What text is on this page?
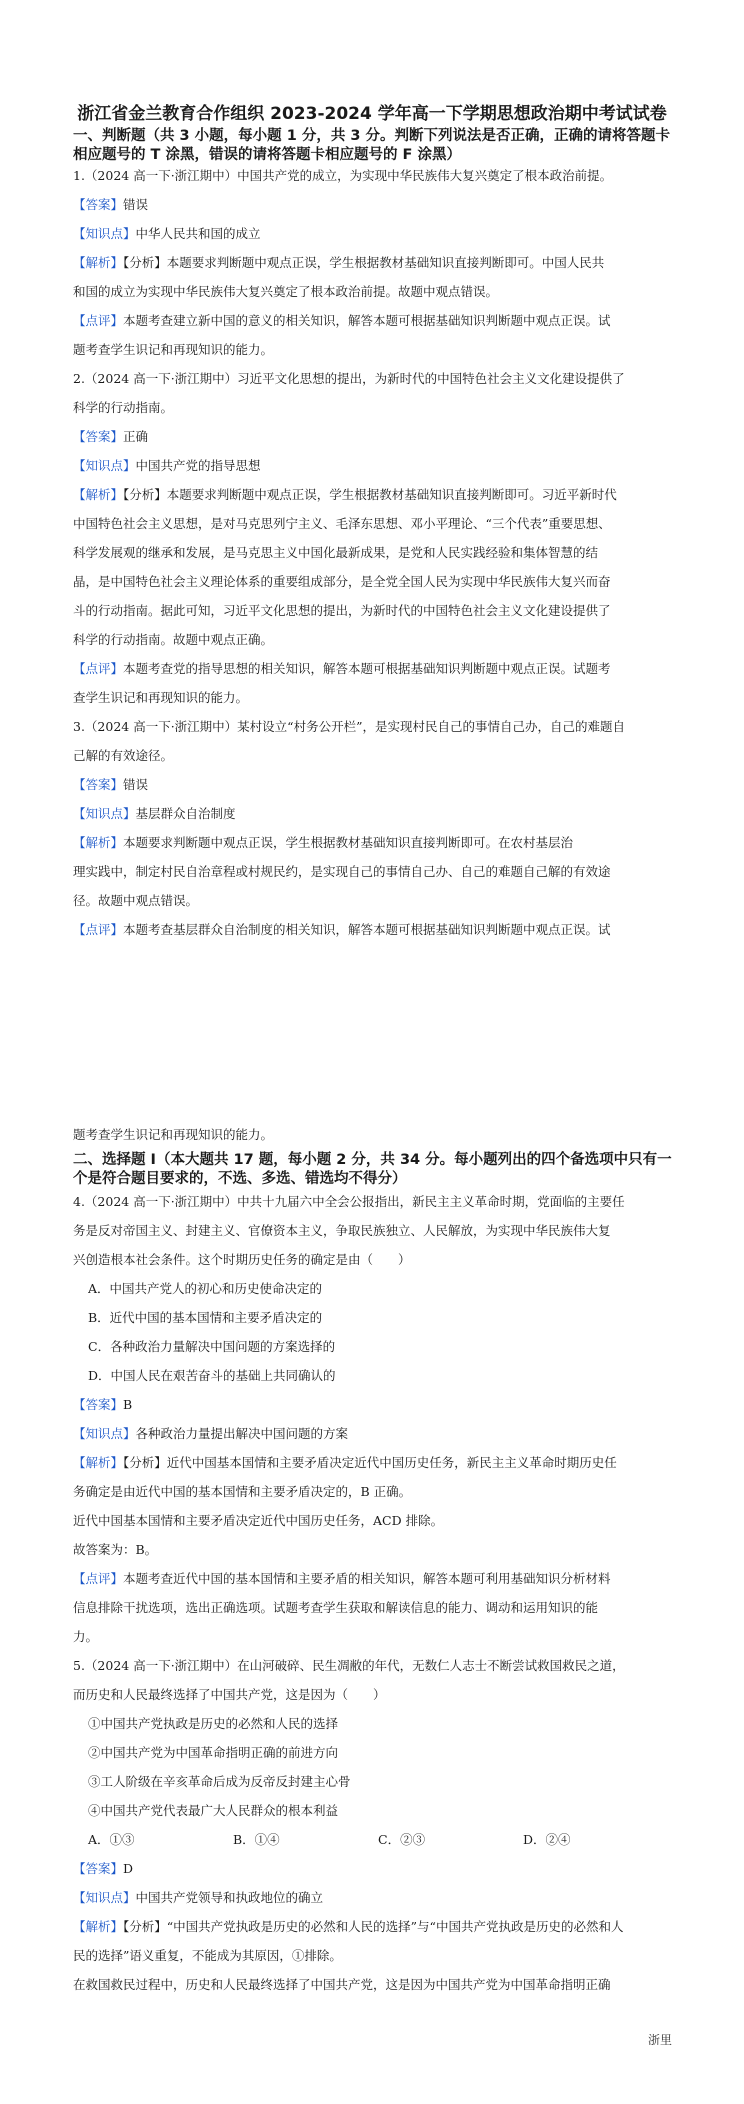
浙江省金兰教育合作组织 2023-2024 学年高一下学期思想政治期中考试试卷
一、判断题（共 3 小题，每小题 1 分，共 3 分。判断下列说法是否正确，正确的请将答题卡相应题号的 T 涂黑，错误的请将答题卡相应题号的 F 涂黑）
1.（2024 高一下·浙江期中）中国共产党的成立，为实现中华民族伟大复兴奠定了根本政治前提。
【答案】错误
【知识点】中华人民共和国的成立
【解析】【分析】本题要求判断题中观点正误，学生根据教材基础知识直接判断即可。中国人民共
和国的成立为实现中华民族伟大复兴奠定了根本政治前提。故题中观点错误。
【点评】本题考查建立新中国的意义的相关知识，解答本题可根据基础知识判断题中观点正误。试
题考查学生识记和再现知识的能力。
2.（2024 高一下·浙江期中）习近平文化思想的提出，为新时代的中国特色社会主义文化建设提供了
科学的行动指南。
【答案】正确
【知识点】中国共产党的指导思想
【解析】【分析】本题要求判断题中观点正误，学生根据教材基础知识直接判断即可。习近平新时代
中国特色社会主义思想，是对马克思列宁主义、毛泽东思想、邓小平理论、“三个代表”重要思想、
科学发展观的继承和发展，是马克思主义中国化最新成果，是党和人民实践经验和集体智慧的结
晶，是中国特色社会主义理论体系的重要组成部分，是全党全国人民为实现中华民族伟大复兴而奋
斗的行动指南。据此可知，习近平文化思想的提出，为新时代的中国特色社会主义文化建设提供了
科学的行动指南。故题中观点正确。
【点评】本题考查党的指导思想的相关知识，解答本题可根据基础知识判断题中观点正误。试题考
查学生识记和再现知识的能力。
3.（2024 高一下·浙江期中）某村设立“村务公开栏”，是实现村民自己的事情自己办，自己的难题自
己解的有效途径。
【答案】错误
【知识点】基层群众自治制度
【解析】本题要求判断题中观点正误，学生根据教材基础知识直接判断即可。在农村基层治
理实践中，制定村民自治章程或村规民约，是实现自己的事情自己办、自己的难题自己解的有效途
径。故题中观点错误。
【点评】本题考查基层群众自治制度的相关知识，解答本题可根据基础知识判断题中观点正误。试
题考查学生识记和再现知识的能力。
二、选择题 I（本大题共 17 题，每小题 2 分，共 34 分。每小题列出的四个备选项中只有一个是符合题目要求的，不选、多选、错选均不得分）
4.（2024 高一下·浙江期中）中共十九届六中全会公报指出，新民主主义革命时期，党面临的主要任
务是反对帝国主义、封建主义、官僚资本主义，争取民族独立、人民解放，为实现中华民族伟大复
兴创造根本社会条件。这个时期历史任务的确定是由（　　）
A．中国共产党人的初心和历史使命决定的
B．近代中国的基本国情和主要矛盾决定的
C．各种政治力量解决中国问题的方案选择的
D．中国人民在艰苦奋斗的基础上共同确认的
【答案】B
【知识点】各种政治力量提出解决中国问题的方案
【解析】【分析】近代中国基本国情和主要矛盾决定近代中国历史任务，新民主主义革命时期历史任
务确定是由近代中国的基本国情和主要矛盾决定的，B 正确。
近代中国基本国情和主要矛盾决定近代中国历史任务，ACD 排除。
故答案为：B。
【点评】本题考查近代中国的基本国情和主要矛盾的相关知识，解答本题可利用基础知识分析材料
信息排除干扰选项，选出正确选项。试题考查学生获取和解读信息的能力、调动和运用知识的能
力。
5.（2024 高一下·浙江期中）在山河破碎、民生凋敝的年代，无数仁人志士不断尝试救国救民之道，
而历史和人民最终选择了中国共产党，这是因为（　　）
①中国共产党执政是历史的必然和人民的选择
②中国共产党为中国革命指明正确的前进方向
③工人阶级在辛亥革命后成为反帝反封建主心骨
④中国共产党代表最广大人民群众的根本利益
A．①③	B．①④	C．②③	D．②④
【答案】D
【知识点】中国共产党领导和执政地位的确立
【解析】【分析】“中国共产党执政是历史的必然和人民的选择”与“中国共产党执政是历史的必然和人
民的选择”语义重复，不能成为其原因，①排除。
在救国救民过程中，历史和人民最终选择了中国共产党，这是因为中国共产党为中国革命指明正确
浙里
